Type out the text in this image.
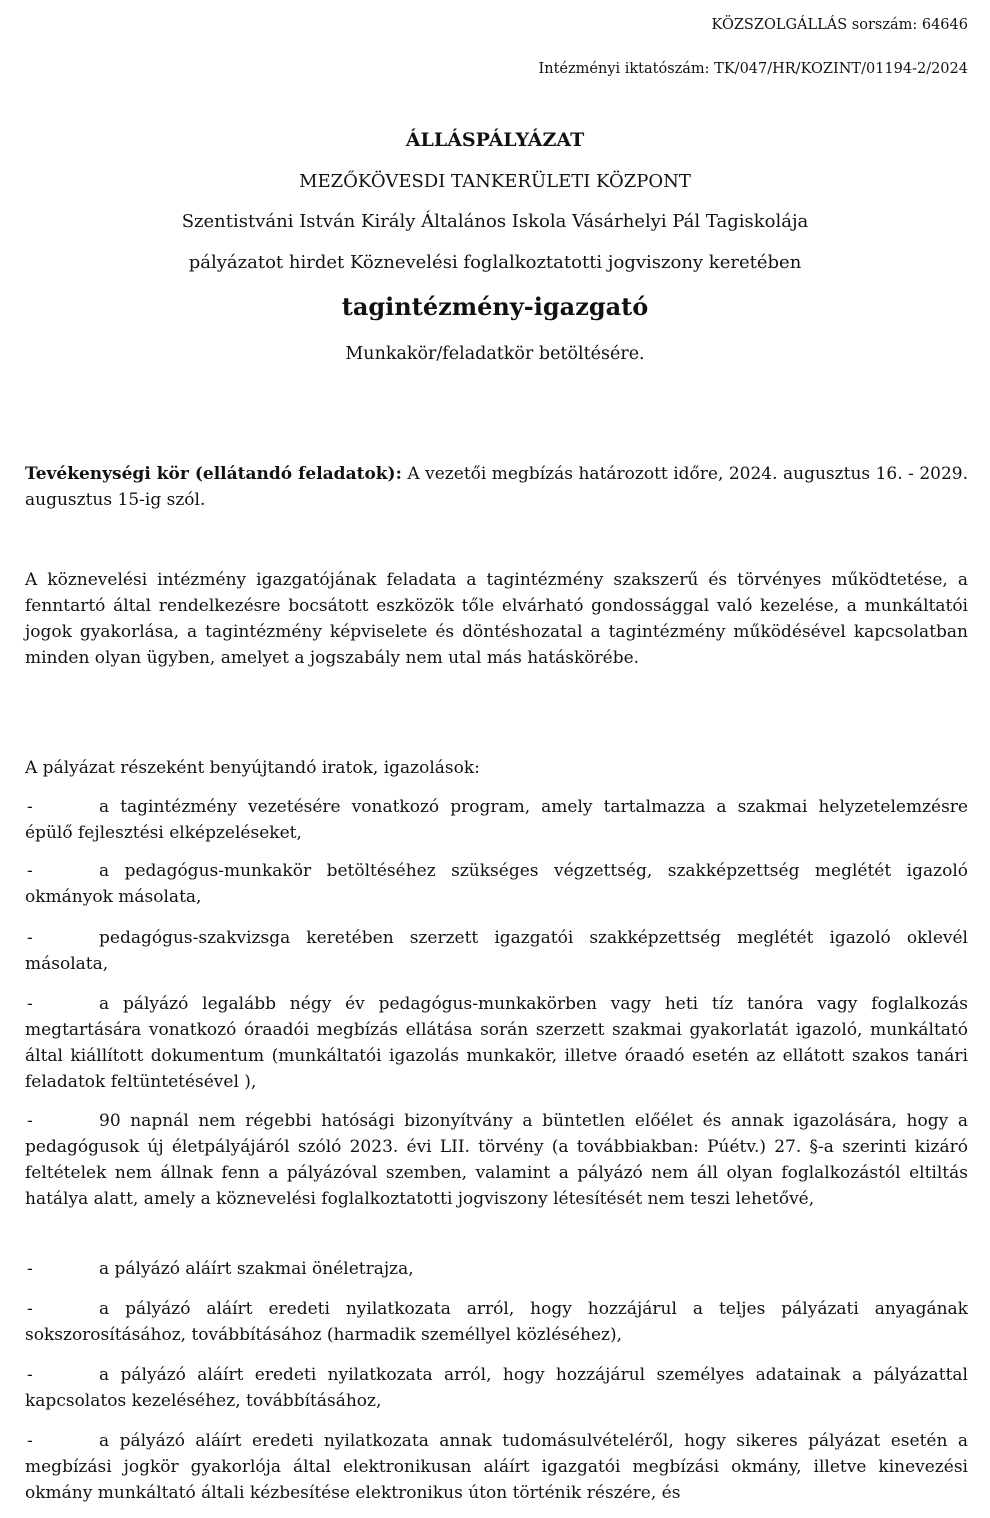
KÖZSZOLGÁLLÁS sorszám: 64646
Intézményi iktatószám: TK/047/HR/KOZINT/01194-2/2024
ÁLLÁSPÁLYÁZAT
MEZŐKÖVESDI TANKERÜLETI KÖZPONT
Szentistváni István Király Általános Iskola Vásárhelyi Pál Tagiskolája
pályázatot hirdet Köznevelési foglalkoztatotti jogviszony keretében
tagintézmény-igazgató
Munkakör/feladatkör betöltésére.
Tevékenységi kör (ellátandó feladatok): A vezetői megbízás határozott időre, 2024. augusztus 16. - 2029. augusztus 15-ig szól.
A köznevelési intézmény igazgatójának feladata a tagintézmény szakszerű és törvényes működtetése, a fenntartó által rendelkezésre bocsátott eszközök tőle elvárható gondossággal való kezelése, a munkáltatói jogok gyakorlása, a tagintézmény képviselete és döntéshozatal a tagintézmény működésével kapcsolatban minden olyan ügyben, amelyet a jogszabály nem utal más hatáskörébe.
A pályázat részeként benyújtandó iratok, igazolások:
-	a tagintézmény vezetésére vonatkozó program, amely tartalmazza a szakmai helyzetelemzésre épülő fejlesztési elképzeléseket,
-	a pedagógus-munkakör betöltéséhez szükséges végzettség, szakképzettség meglétét igazoló okmányok másolata,
-	pedagógus-szakvizsga keretében szerzett igazgatói szakképzettség meglétét igazoló oklevél másolata,
-	a pályázó legalább négy év pedagógus-munkakörben vagy heti tíz tanóra vagy foglalkozás megtartására vonatkozó óraadói megbízás ellátása során szerzett szakmai gyakorlatát igazoló, munkáltató által kiállított dokumentum (munkáltatói igazolás munkakör, illetve óraadó esetén az ellátott szakos tanári feladatok feltüntetésével ),
-	90 napnál nem régebbi hatósági bizonyítvány a büntetlen előélet és annak igazolására, hogy a pedagógusok új életpályájáról szóló 2023. évi LII. törvény (a továbbiakban: Púétv.) 27. §-a szerinti kizáró feltételek nem állnak fenn a pályázóval szemben, valamint a pályázó nem áll olyan foglalkozástól eltiltás hatálya alatt, amely a köznevelési foglalkoztatotti jogviszony létesítését nem teszi lehetővé,
-	a pályázó aláírt szakmai önéletrajza,
-	a pályázó aláírt eredeti nyilatkozata arról, hogy hozzájárul a teljes pályázati anyagának sokszorosításához, továbbításához (harmadik személlyel közléséhez),
-	a pályázó aláírt eredeti nyilatkozata arról, hogy hozzájárul személyes adatainak a pályázattal kapcsolatos kezeléséhez, továbbításához,
-	a pályázó aláírt eredeti nyilatkozata annak tudomásulvételéről, hogy sikeres pályázat esetén a megbízási jogkör gyakorlója által elektronikusan aláírt igazgatói megbízási okmány, illetve kinevezési okmány munkáltató általi kézbesítése elektronikus úton történik részére, és
